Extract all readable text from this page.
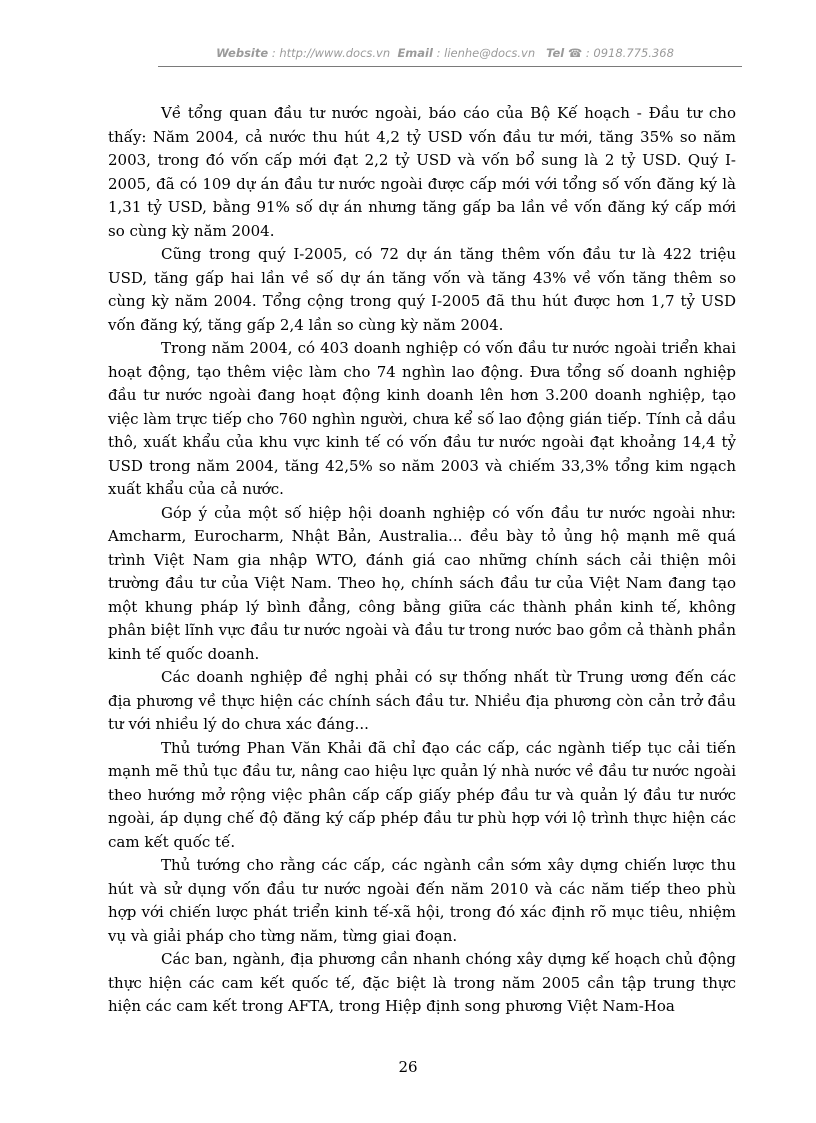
Website : http://www.docs.vn Email : lienhe@docs.vn Tel ☎ : 0918.775.368

Về tổng quan đầu tư nước ngoài, báo cáo của Bộ Kế hoạch - Đầu tư cho thấy: Năm 2004, cả nước thu hút 4,2 tỷ USD vốn đầu tư mới, tăng 35% so năm 2003, trong đó vốn cấp mới đạt 2,2 tỷ USD và vốn bổ sung là 2 tỷ USD. Quý I-2005, đã có 109 dự án đầu tư nước ngoài được cấp mới với tổng số vốn đăng ký là 1,31 tỷ USD, bằng 91% số dự án nhưng tăng gấp ba lần về vốn đăng ký cấp mới so cùng kỳ năm 2004.

Cũng trong quý I-2005, có 72 dự án tăng thêm vốn đầu tư là 422 triệu USD, tăng gấp hai lần về số dự án tăng vốn và tăng 43% về vốn tăng thêm so cùng kỳ năm 2004. Tổng cộng trong quý I-2005 đã thu hút được hơn 1,7 tỷ USD vốn đăng ký, tăng gấp 2,4 lần so cùng kỳ năm 2004.

Trong năm 2004, có 403 doanh nghiệp có vốn đầu tư nước ngoài triển khai hoạt động, tạo thêm việc làm cho 74 nghìn lao động. Đưa tổng số doanh nghiệp đầu tư nước ngoài đang hoạt động kinh doanh lên hơn 3.200 doanh nghiệp, tạo việc làm trực tiếp cho 760 nghìn người, chưa kể số lao động gián tiếp. Tính cả dầu thô, xuất khẩu của khu vực kinh tế có vốn đầu tư nước ngoài đạt khoảng 14,4 tỷ USD trong năm 2004, tăng 42,5% so năm 2003 và chiếm 33,3% tổng kim ngạch xuất khẩu của cả nước.

Góp ý của một số hiệp hội doanh nghiệp có vốn đầu tư nước ngoài như: Amcharm, Eurocharm, Nhật Bản, Australia... đều bày tỏ ủng hộ mạnh mẽ quá trình Việt Nam gia nhập WTO, đánh giá cao những chính sách cải thiện môi trường đầu tư của Việt Nam. Theo họ, chính sách đầu tư của Việt Nam đang tạo một khung pháp lý bình đẳng, công bằng giữa các thành phần kinh tế, không phân biệt lĩnh vực đầu tư nước ngoài và đầu tư trong nước bao gồm cả thành phần kinh tế quốc doanh.

Các doanh nghiệp đề nghị phải có sự thống nhất từ Trung ương đến các địa phương về thực hiện các chính sách đầu tư. Nhiều địa phương còn cản trở đầu tư với nhiều lý do chưa xác đáng...

Thủ tướng Phan Văn Khải đã chỉ đạo các cấp, các ngành tiếp tục cải tiến mạnh mẽ thủ tục đầu tư, nâng cao hiệu lực quản lý nhà nước về đầu tư nước ngoài theo hướng mở rộng việc phân cấp cấp giấy phép đầu tư và quản lý đầu tư nước ngoài, áp dụng chế độ đăng ký cấp phép đầu tư phù hợp với lộ trình thực hiện các cam kết quốc tế.

Thủ tướng cho rằng các cấp, các ngành cần sớm xây dựng chiến lược thu hút và sử dụng vốn đầu tư nước ngoài đến năm 2010 và các năm tiếp theo phù hợp với chiến lược phát triển kinh tế-xã hội, trong đó xác định rõ mục tiêu, nhiệm vụ và giải pháp cho từng năm, từng giai đoạn.

Các ban, ngành, địa phương cần nhanh chóng xây dựng kế hoạch chủ động thực hiện các cam kết quốc tế, đặc biệt là trong năm 2005 cần tập trung thực hiện các cam kết trong AFTA, trong Hiệp định song phương Việt Nam-Hoa

26
